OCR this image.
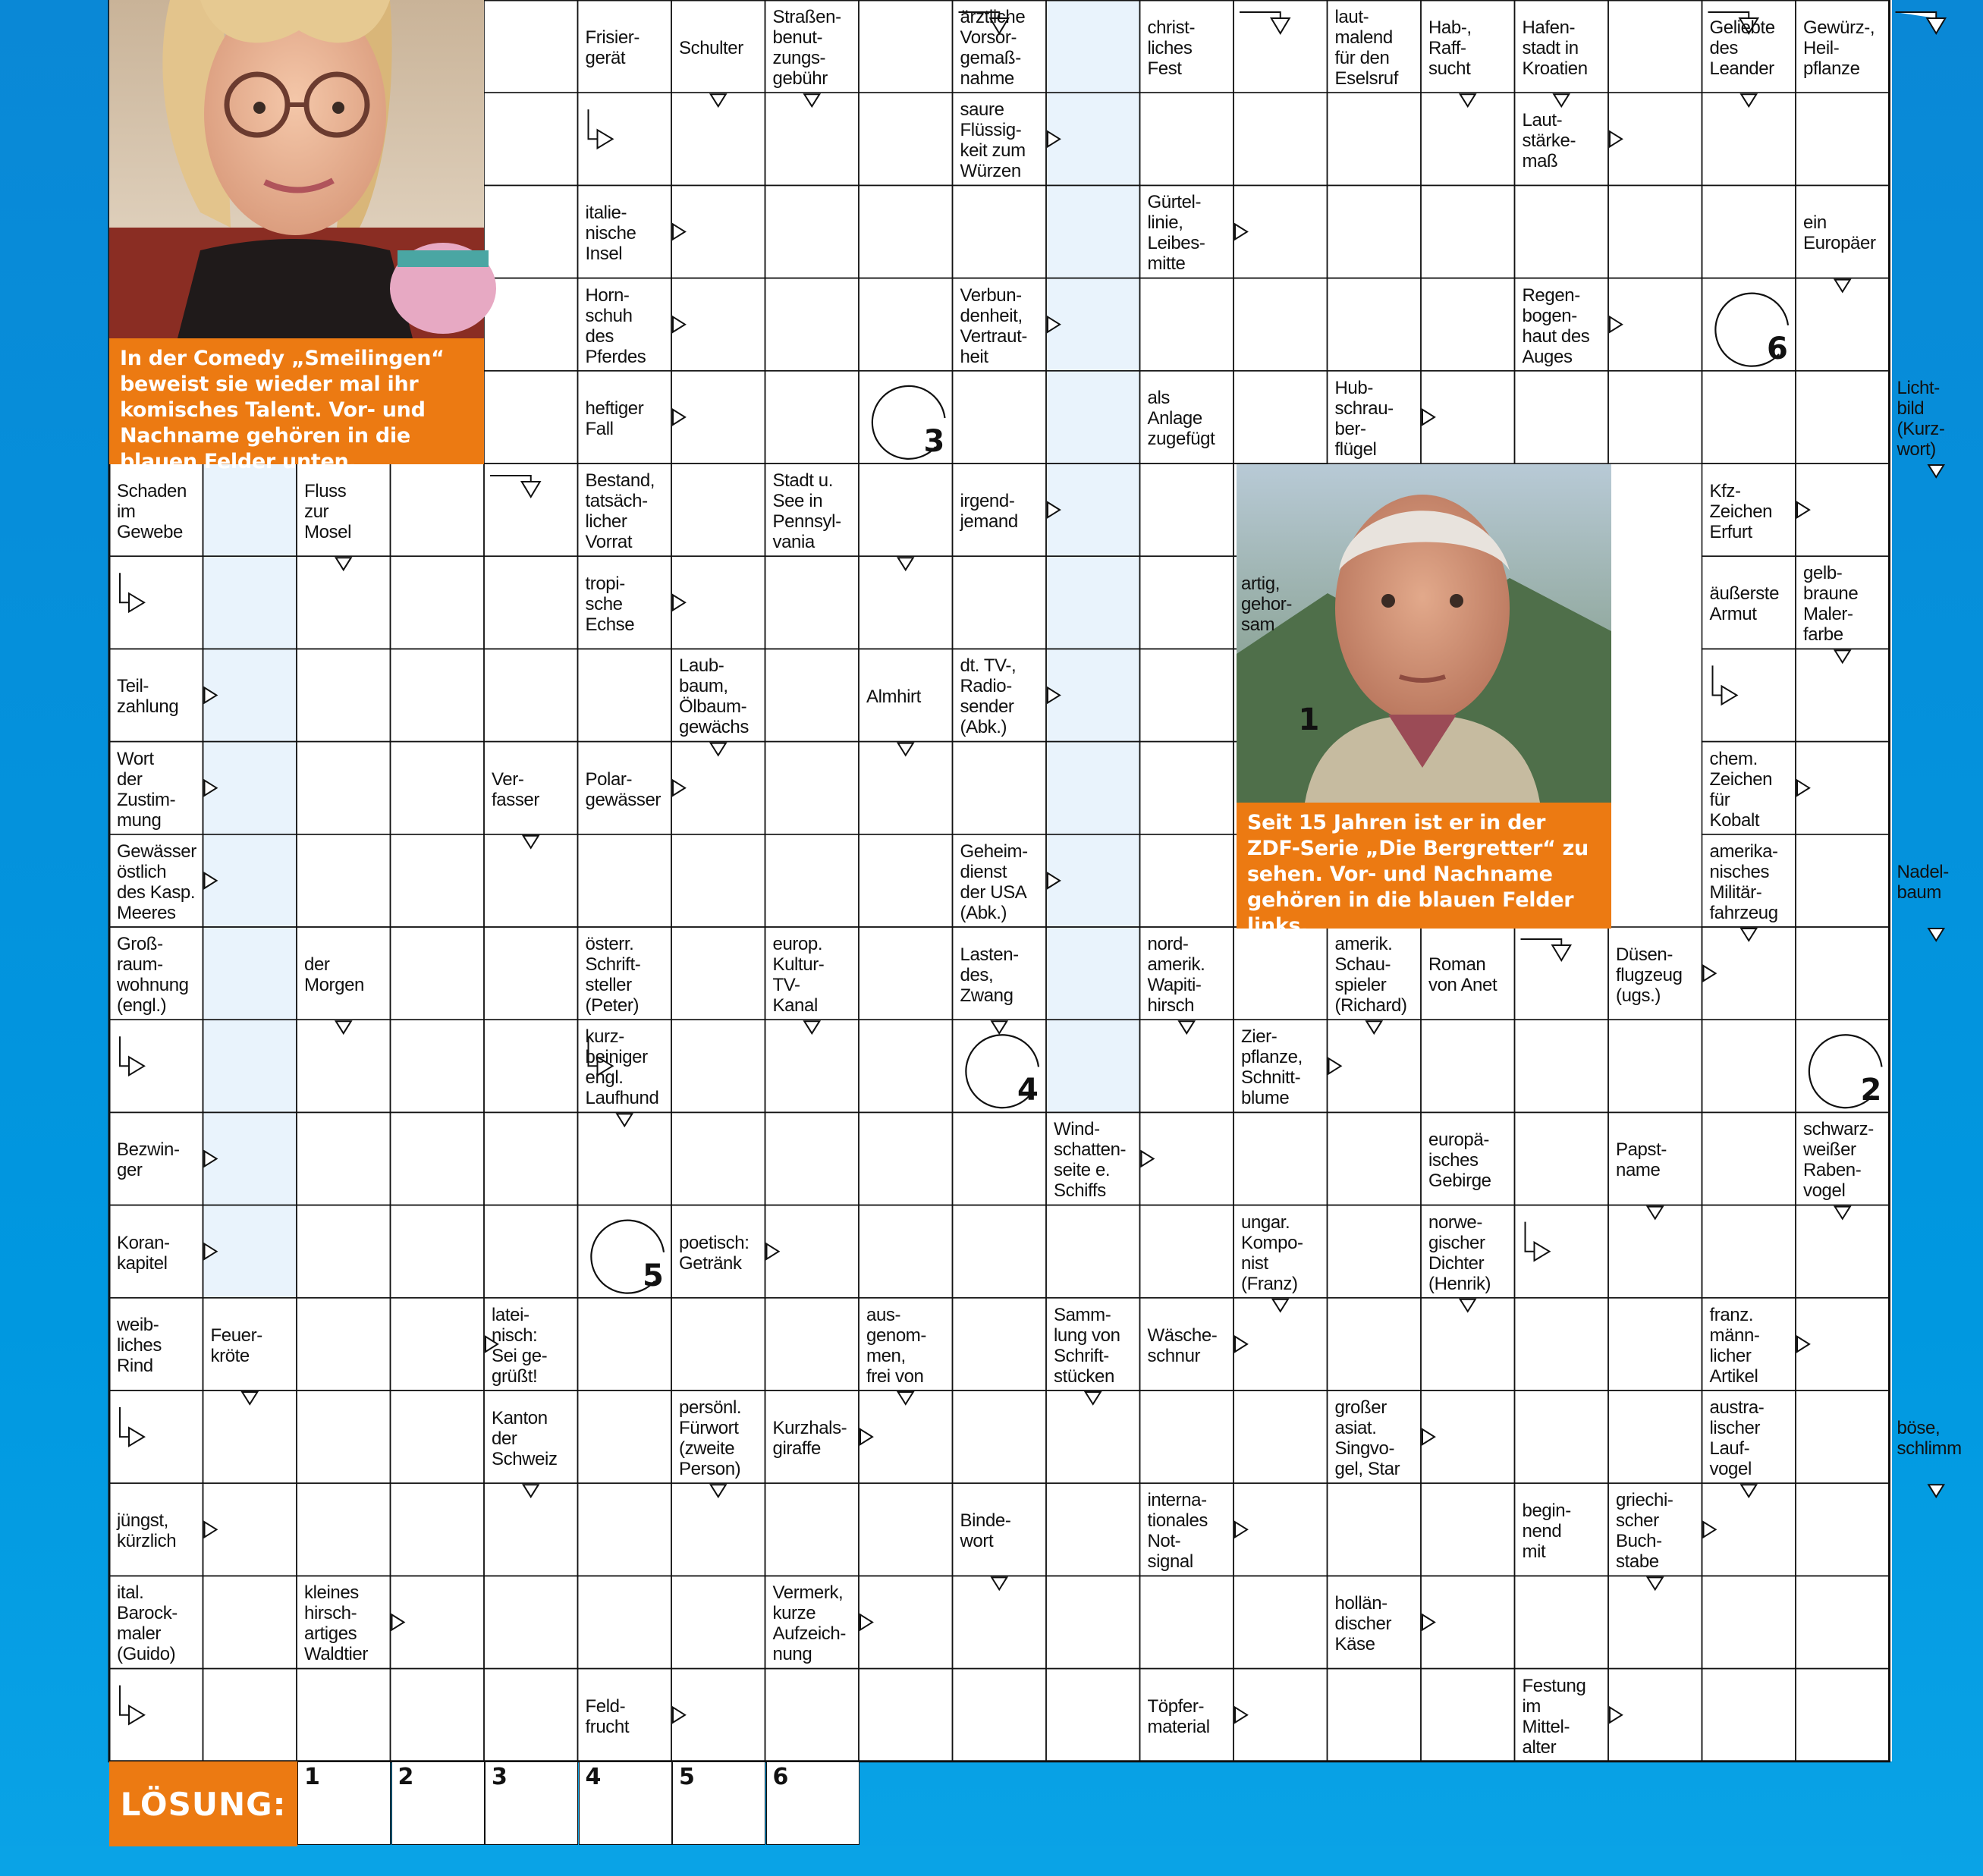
In der Comedy „Smeilingen“ beweist sie wieder mal ihr komisches Talent. Vor- und Nachname gehören in die blauen Felder unten.
Seit 15 Jahren ist er in der ZDF-Serie „Die Bergretter“ zu sehen. Vor- und Nachname gehören in die blauen Felder links.
Frisier-
gerät	Schulter
Straßen-
benut-
zungs-
gebühr
ärztliche
Vorsor-
gemaß-
nahme
christ-
liches
Fest
laut-
malend
für den
Eselsruf
Hab-,
Raff-
sucht
Hafen-
stadt in
Kroatien
Geliebte
des
Leander
Gewürz-,
Heil-
pflanze
saure
Flüssig-
keit zum
Würzen
Laut-
stärke-
maß
italie-
nische
Insel
Gürtel-
linie,
Leibes-
mitte
ein
Europäer
Horn-
schuh
des
Pferdes
Verbun-
denheit,
Vertraut-
heit
Regen-
bogen-
haut des
Auges
heftiger
Fall
als
Anlage
zugefügt
Hub-
schrau-
ber-
flügel
Licht-
bild
(Kurz-
wort)
Schaden
im
Gewebe
Fluss
zur
Mosel
Bestand,
tatsäch-
licher
Vorrat
Stadt u.
See in
Pennsyl-
vania
irgend-
jemand
Kfz-
Zeichen
Erfurt
tropi-
sche
Echse
artig,
gehor-
sam
äußerste
Armut
gelb-
braune
Maler-
farbe
Teil-
zahlung
Laub-
baum,
Ölbaum-
gewächs
Almhirt
dt. TV-,
Radio-
sender
(Abk.)
Wort
der
Zustim-
mung
Ver-
fasser
Polar-
gewässer
chem.
Zeichen
für
Kobalt
Gewässer
östlich
des Kasp.
Meeres
Geheim-
dienst
der USA
(Abk.)
amerika-
nisches
Militär-
fahrzeug
Nadel-
baum
Groß-
raum-
wohnung
(engl.)
der
Morgen
österr.
Schrift-
steller
(Peter)
europ.
Kultur-
TV-
Kanal
Lasten-
des,
Zwang
nord-
amerik.
Wapiti-
hirsch
amerik.
Schau-
spieler
(Richard)
Roman
von Anet
Düsen-
flugzeug
(ugs.)
kurz-
beiniger
engl.
Laufhund
Zier-
pflanze,
Schnitt-
blume
Bezwin-
ger
Wind-
schatten-
seite e.
Schiffs
europä-
isches
Gebirge
Papst-
name
schwarz-
weißer
Raben-
vogel
Koran-
kapitel
poetisch:
Getränk
ungar.
Kompo-
nist
(Franz)
norwe-
gischer
Dichter
(Henrik)
weib-
liches
Rind
Feuer-
kröte
latei-
nisch:
Sei ge-
grüßt!
aus-
genom-
men,
frei von
Samm-
lung von
Schrift-
stücken
Wäsche-
schnur
franz.
männ-
licher
Artikel
Kanton
der
Schweiz
persönl.
Fürwort
(zweite
Person)
Kurzhals-
giraffe
großer
asiat.
Singvo-
gel, Star
austra-
lischer
Lauf-
vogel
böse,
schlimm
jüngst,
kürzlich
Binde-
wort
interna-
tionales
Not-
signal
begin-
nend
mit
griechi-
scher
Buch-
stabe
ital.
Barock-
maler
(Guido)
kleines
hirsch-
artiges
Waldtier
Vermerk,
kurze
Aufzeich-
nung
hollän-
discher
Käse
Feld-
frucht
Töpfer-
material
Festung
im
Mittel-
alter
3
1
4	2
5
6
LÖSUNG:
1	2	3	4	5	6
